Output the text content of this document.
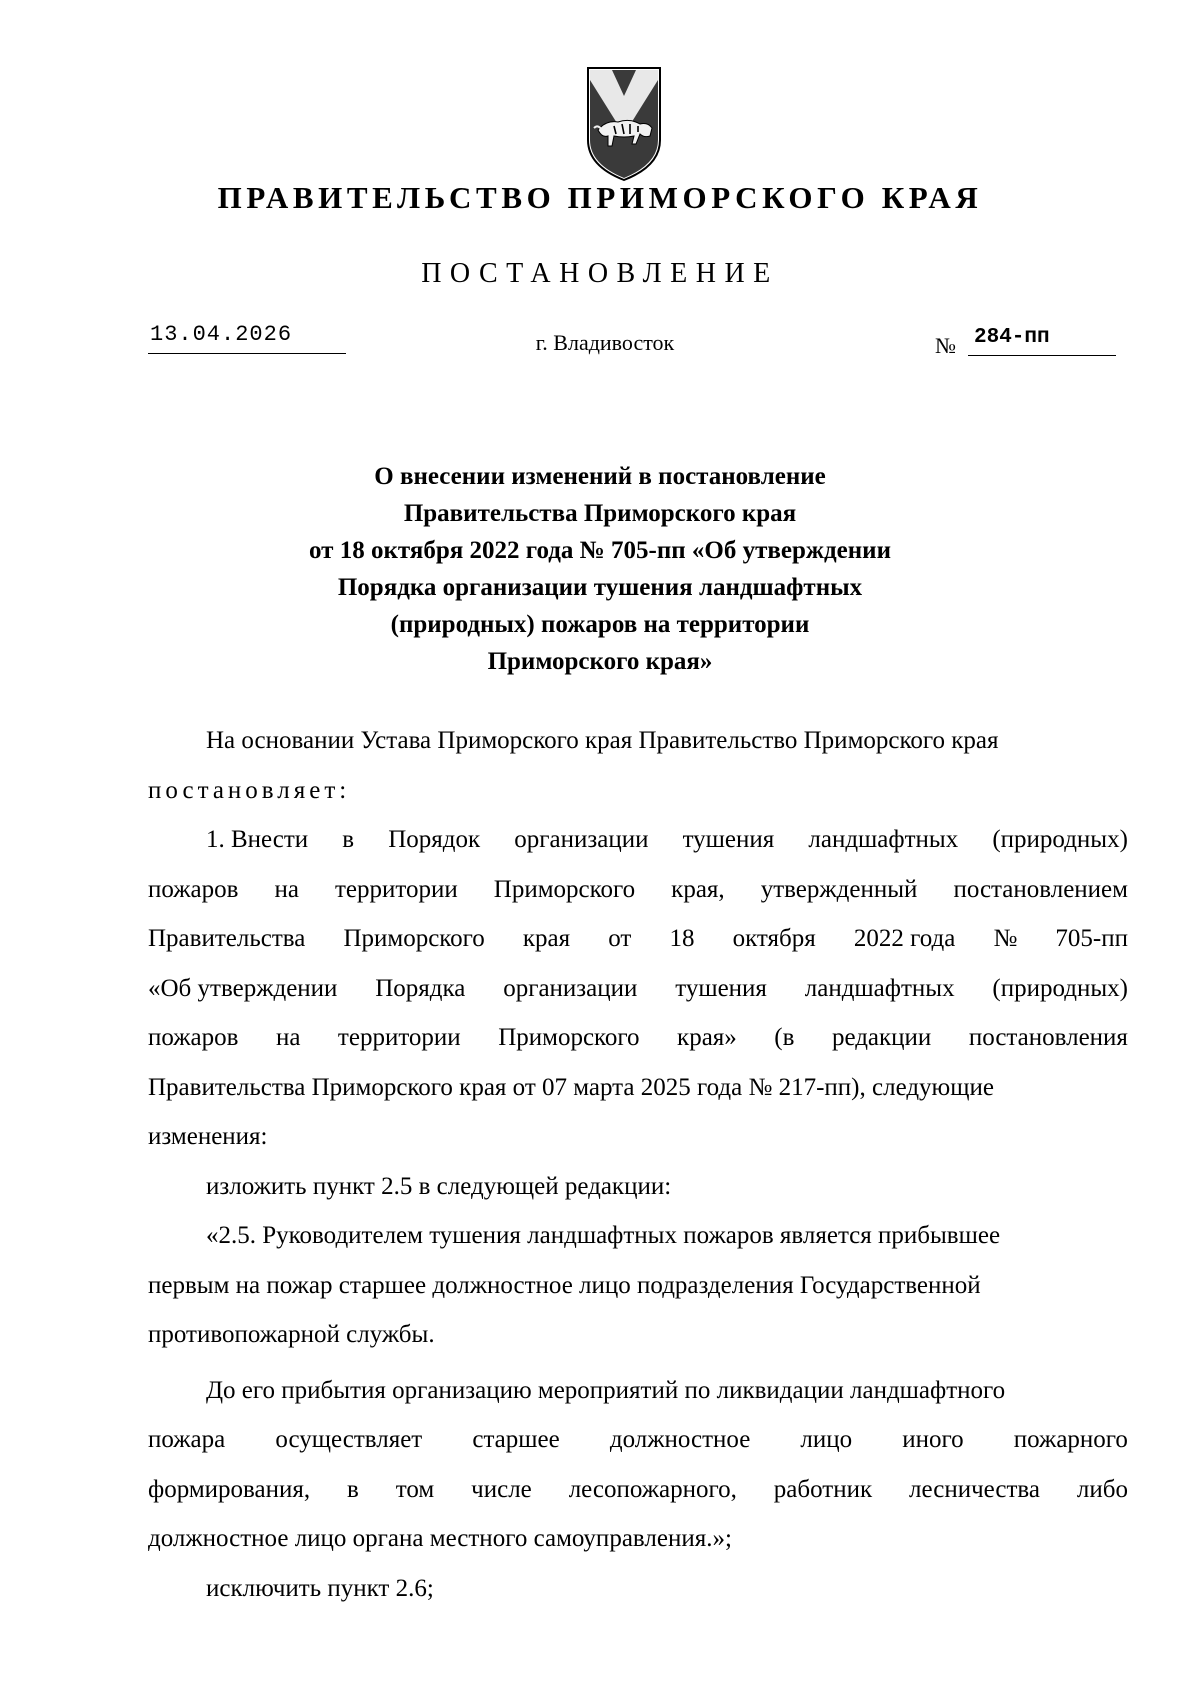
ПРАВИТЕЛЬСТВО ПРИМОРСКОГО КРАЯ
ПОСТАНОВЛЕНИЕ
13.04.2026	г. Владивосток	№ 284-пп
О внесении изменений в постановление
Правительства Приморского края
от 18 октября 2022 года № 705-пп «Об утверждении
Порядка организации тушения ландшафтных
(природных) пожаров на территории
Приморского края»
На основании Устава Приморского края Правительство Приморского края
постановляет:
1. Внести в Порядок организации тушения ландшафтных (природных)
пожаров на территории Приморского края, утвержденный постановлением
Правительства Приморского края от 18 октября 2022 года № 705-пп
«Об утверждении Порядка организации тушения ландшафтных (природных)
пожаров на территории Приморского края» (в редакции постановления
Правительства Приморского края от 07 марта 2025 года № 217-пп), следующие
изменения:
изложить пункт 2.5 в следующей редакции:
«2.5. Руководителем тушения ландшафтных пожаров является прибывшее
первым на пожар старшее должностное лицо подразделения Государственной
противопожарной службы.
До его прибытия организацию мероприятий по ликвидации ландшафтного
пожара осуществляет старшее должностное лицо иного пожарного
формирования, в том числе лесопожарного, работник лесничества либо
должностное лицо органа местного самоуправления.»;
исключить пункт 2.6;
